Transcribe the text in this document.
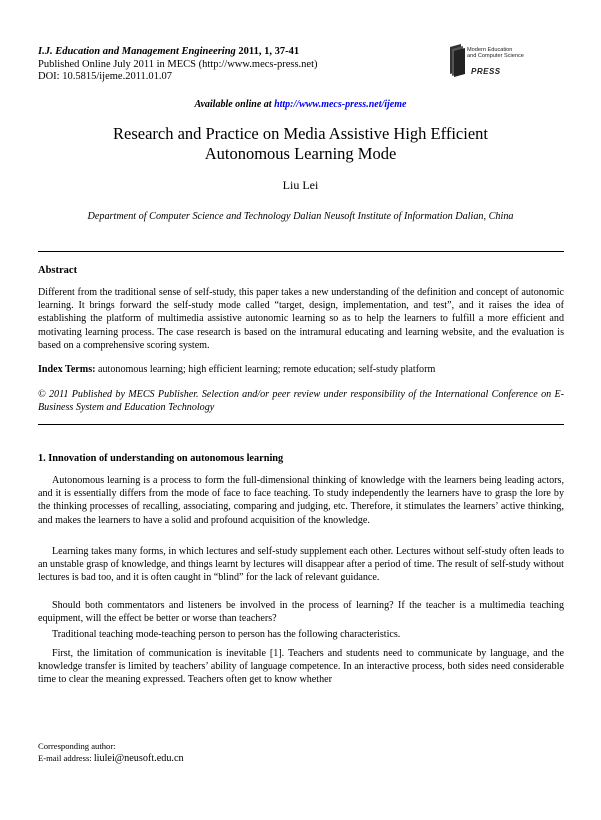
I.J. Education and Management Engineering 2011, 1, 37-41
Published Online July 2011 in MECS (http://www.mecs-press.net)
DOI: 10.5815/ijeme.2011.01.07
Modern Education
and Computer Science
PRESS
Available online at http://www.mecs-press.net/ijeme
Research and Practice on Media Assistive High Efficient
Autonomous Learning Mode
Liu Lei
Department of Computer Science and Technology Dalian Neusoft Institute of Information Dalian, China
Abstract

Different from the traditional sense of self-study, this paper takes a new understanding of the definition and concept of autonomic learning. It brings forward the self-study mode called “target, design, implementation, and test”, and it raises the idea of establishing the platform of multimedia assistive autonomic learning so as to help the learners to fulfill a more efficient and motivating learning process. The case research is based on the intramural educating and learning website, and the evaluation is based on a comprehensive scoring system.

Index Terms: autonomous learning; high efficient learning; remote education; self-study platform

© 2011 Published by MECS Publisher. Selection and/or peer review under responsibility of the International Conference on E-Business System and Education Technology

1. Innovation of understanding on autonomous learning

Autonomous learning is a process to form the full-dimensional thinking of knowledge with the learners being leading actors, and it is essentially differs from the mode of face to face teaching. To study independently the learners have to grasp the lore by the thinking processes of recalling, associating, comparing and judging, etc. Therefore, it stimulates the learners’ active thinking, and makes the learners to have a solid and profound acquisition of the knowledge.

Learning takes many forms, in which lectures and self-study supplement each other. Lectures without self-study often leads to an unstable grasp of knowledge, and things learnt by lectures will disappear after a period of time. The result of self-study without lectures is bad too, and it is often caught in “blind” for the lack of relevant guidance.

Should both commentators and listeners be involved in the process of learning? If the teacher is a multimedia teaching equipment, will the effect be better or worse than teachers?

Traditional teaching mode-teaching person to person has the following characteristics.

First, the limitation of communication is inevitable [1]. Teachers and students need to communicate by language, and the knowledge transfer is limited by teachers’ ability of language competence. In an interactive process, both sides need considerable time to clear the meaning expressed. Teachers often get to know whether

Corresponding author:
E-mail address: liulei@neusoft.edu.cn
